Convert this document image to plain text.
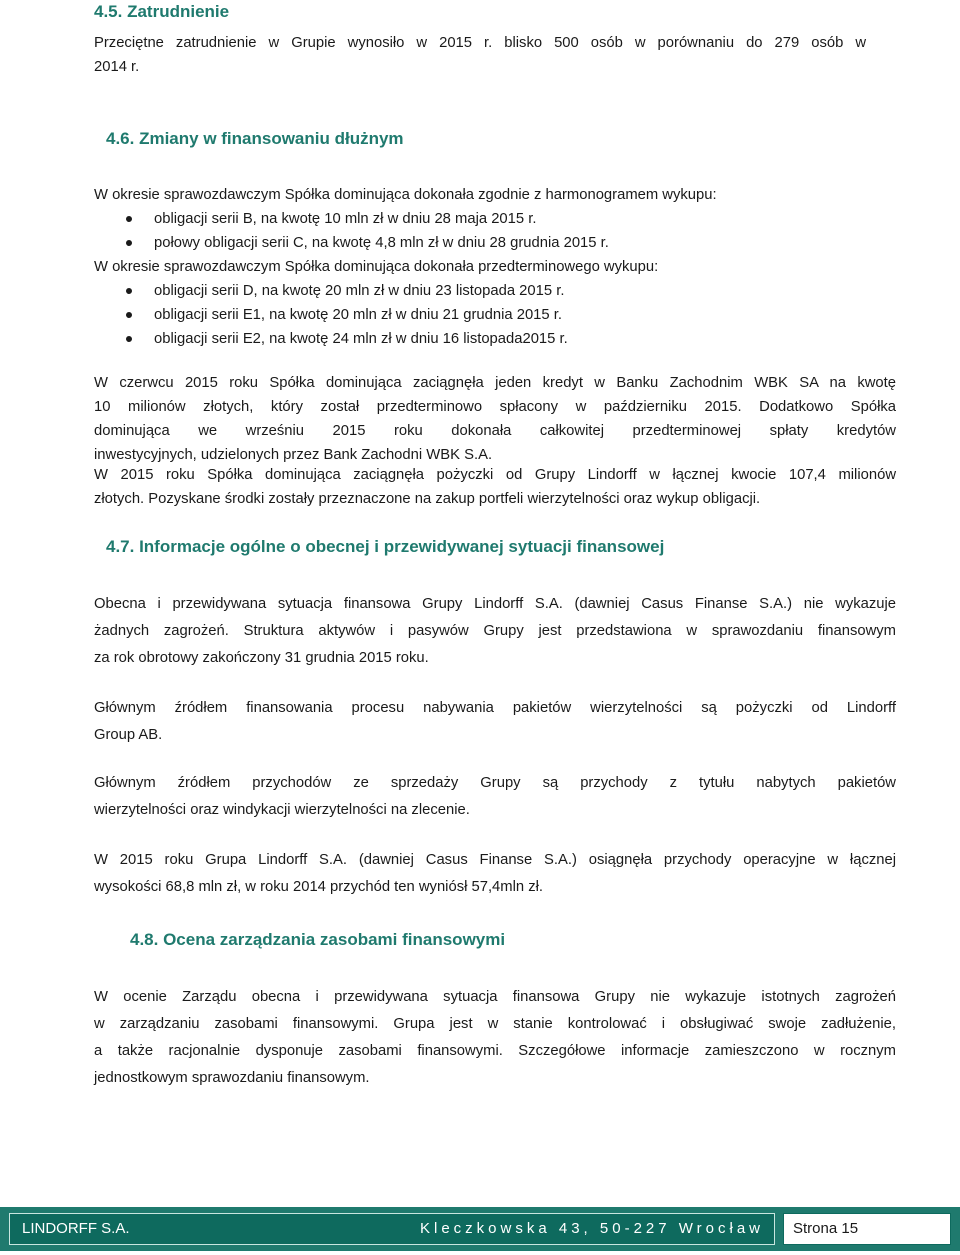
4.5. Zatrudnienie
Przeciętne zatrudnienie w Grupie wynosiło w 2015 r. blisko 500 osób w porównaniu do 279 osób w
2014 r.
4.6. Zmiany w finansowaniu dłużnym
W okresie sprawozdawczym Spółka dominująca dokonała zgodnie z harmonogramem wykupu:
obligacji serii B, na kwotę 10 mln zł w dniu 28 maja 2015 r.
połowy obligacji serii C, na kwotę 4,8 mln zł w dniu 28 grudnia 2015 r.
W okresie sprawozdawczym Spółka dominująca dokonała przedterminowego wykupu:
obligacji serii D, na kwotę 20 mln zł w dniu 23 listopada 2015 r.
obligacji serii E1, na kwotę 20 mln zł w dniu 21 grudnia 2015 r.
obligacji serii E2, na kwotę 24 mln zł w dniu 16 listopada2015 r.
W czerwcu 2015 roku Spółka dominująca zaciągnęła jeden kredyt w Banku Zachodnim WBK SA na kwotę
10 milionów złotych, który został przedterminowo spłacony w październiku 2015. Dodatkowo Spółka
dominująca we wrześniu 2015 roku dokonała całkowitej przedterminowej spłaty kredytów
inwestycyjnych, udzielonych przez Bank Zachodni WBK S.A.
W 2015 roku Spółka dominująca zaciągnęła pożyczki od Grupy Lindorff w łącznej kwocie 107,4 milionów
złotych. Pozyskane środki zostały przeznaczone na zakup portfeli wierzytelności oraz wykup obligacji.
4.7. Informacje ogólne o obecnej i przewidywanej sytuacji finansowej
Obecna i przewidywana sytuacja finansowa Grupy Lindorff S.A. (dawniej Casus Finanse S.A.) nie wykazuje
żadnych zagrożeń. Struktura aktywów i pasywów Grupy jest przedstawiona w sprawozdaniu finansowym
za rok obrotowy zakończony 31 grudnia 2015 roku.
Głównym źródłem finansowania procesu nabywania pakietów wierzytelności są pożyczki od Lindorff
Group AB.
Głównym źródłem przychodów ze sprzedaży Grupy są przychody z tytułu nabytych pakietów
wierzytelności oraz windykacji wierzytelności na zlecenie.
W 2015 roku Grupa Lindorff S.A. (dawniej Casus Finanse S.A.) osiągnęła przychody operacyjne w łącznej
wysokości 68,8 mln zł, w roku 2014 przychód ten wyniósł 57,4mln zł.
4.8. Ocena zarządzania zasobami finansowymi
W ocenie Zarządu obecna i przewidywana sytuacja finansowa Grupy nie wykazuje istotnych zagrożeń
w zarządzaniu zasobami finansowymi. Grupa jest w stanie kontrolować i obsługiwać swoje zadłużenie,
a także racjonalnie dysponuje zasobami finansowymi. Szczegółowe informacje zamieszczono w rocznym
jednostkowym sprawozdaniu finansowym.
LINDORFF S.A.	Kleczkowska 43, 50-227 Wrocław Strona 15
